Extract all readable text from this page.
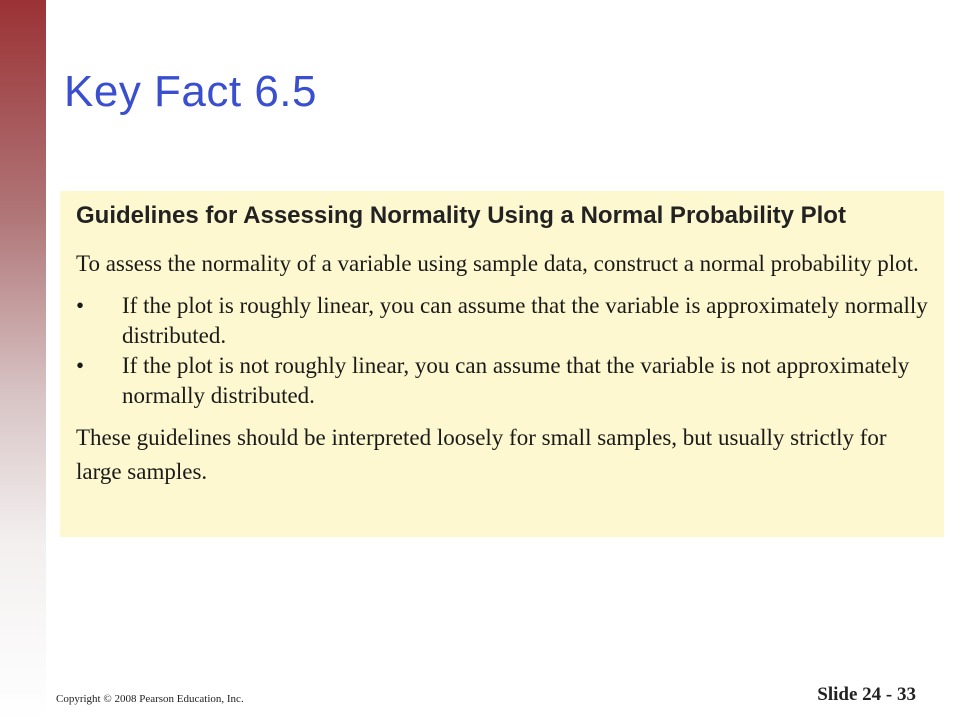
Key Fact 6.5
Guidelines for Assessing Normality Using a Normal Probability Plot

To assess the normality of a variable using sample data, construct a normal probability plot.

•	If the plot is roughly linear, you can assume that the variable is approximately normally distributed.
•	If the plot is not roughly linear, you can assume that the variable is not approximately normally distributed.

These guidelines should be interpreted loosely for small samples, but usually strictly for large samples.

Copyright © 2008 Pearson Education, Inc.	Slide 24 - 33
